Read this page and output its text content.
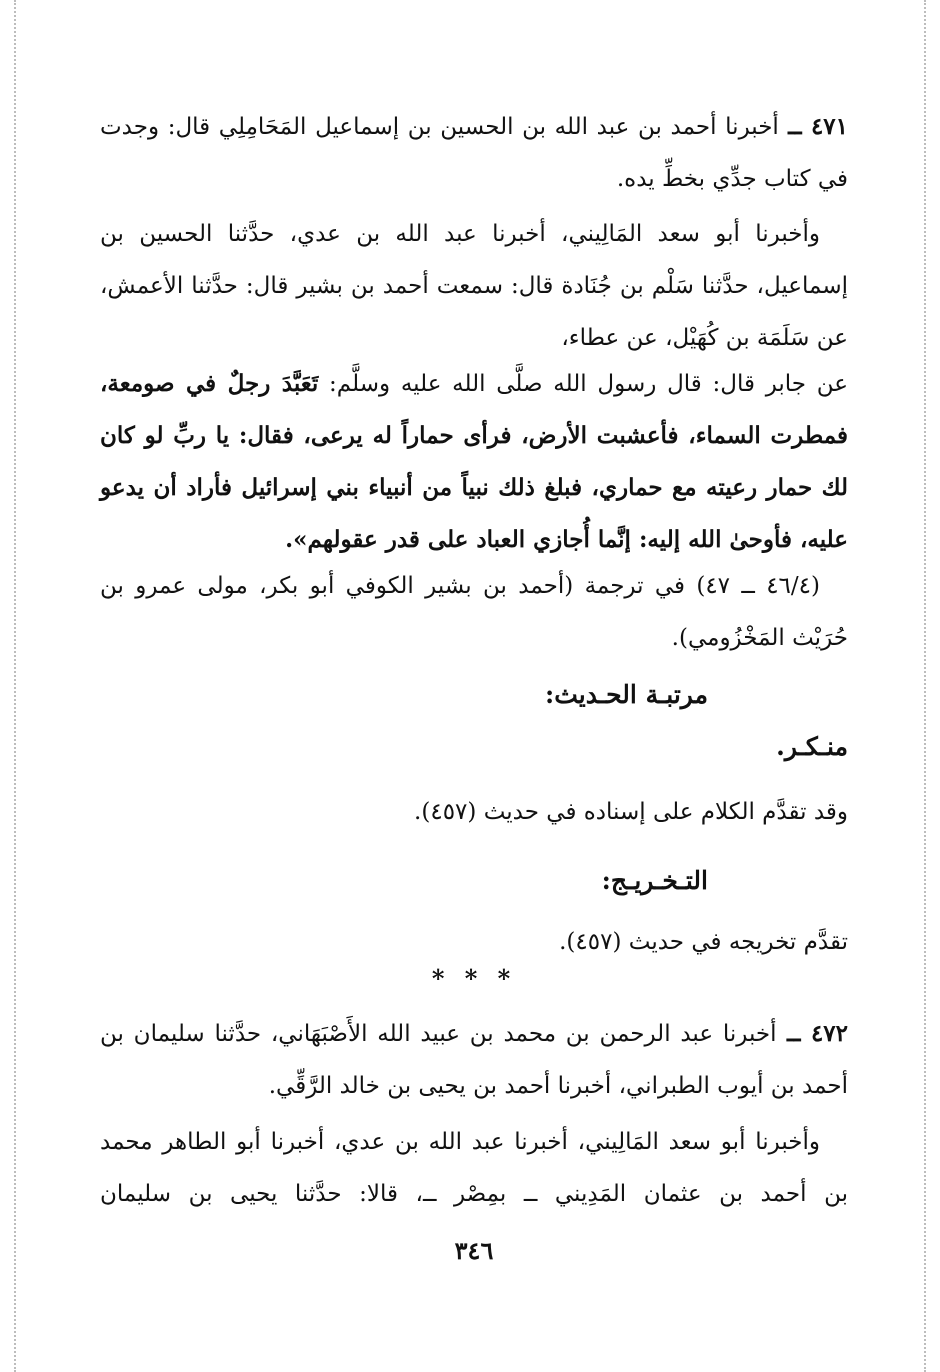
٤٧١ ــ أخبرنا أحمد بن عبد الله بن الحسين بن إسماعيل المَحَامِلِي قال: وجدت في كتاب جدِّي بخطِّ يده.
وأخبرنا أبو سعد المَالِيني، أخبرنا عبد الله بن عدي، حدَّثنا الحسين بن إسماعيل، حدَّثنا سَلْم بن جُنَادة قال: سمعت أحمد بن بشير قال: حدَّثنا الأعمش، عن سَلَمَة بن كُهَيْل، عن عطاء،
عن جابر قال: قال رسول الله صلَّى الله عليه وسلَّم: تَعَبَّدَ رجلٌ في صومعة، فمطرت السماء، فأعشبت الأرض، فرأى حماراً له يرعى، فقال: يا ربِّ لو كان لك حمار رعيته مع حماري، فبلغ ذلك نبياً من أنبياء بني إسرائيل فأراد أن يدعو عليه، فأوحىٰ الله إليه: إنَّما أُجازي العباد على قدر عقولهم».
(٤٦/٤ ــ ٤٧) في ترجمة (أحمد بن بشير الكوفي أبو بكر، مولى عمرو بن حُرَيْث المَخْزُومي).
مرتبـة الحـديث:
منـكـر.
وقد تقدَّم الكلام على إسناده في حديث (٤٥٧).
التـخـريـج:
تقدَّم تخريجه في حديث (٤٥٧).
* * *
٤٧٢ ــ أخبرنا عبد الرحمن بن محمد بن عبيد الله الأَصْبَهَاني، حدَّثنا سليمان بن أحمد بن أيوب الطبراني، أخبرنا أحمد بن يحيى بن خالد الرَّقِّي.
وأخبرنا أبو سعد المَالِيني، أخبرنا عبد الله بن عدي، أخبرنا أبو الطاهر محمد بن أحمد بن عثمان المَدِيني ــ بمِصْر ــ، قالا: حدَّثنا يحيى بن سليمان
٣٤٦
